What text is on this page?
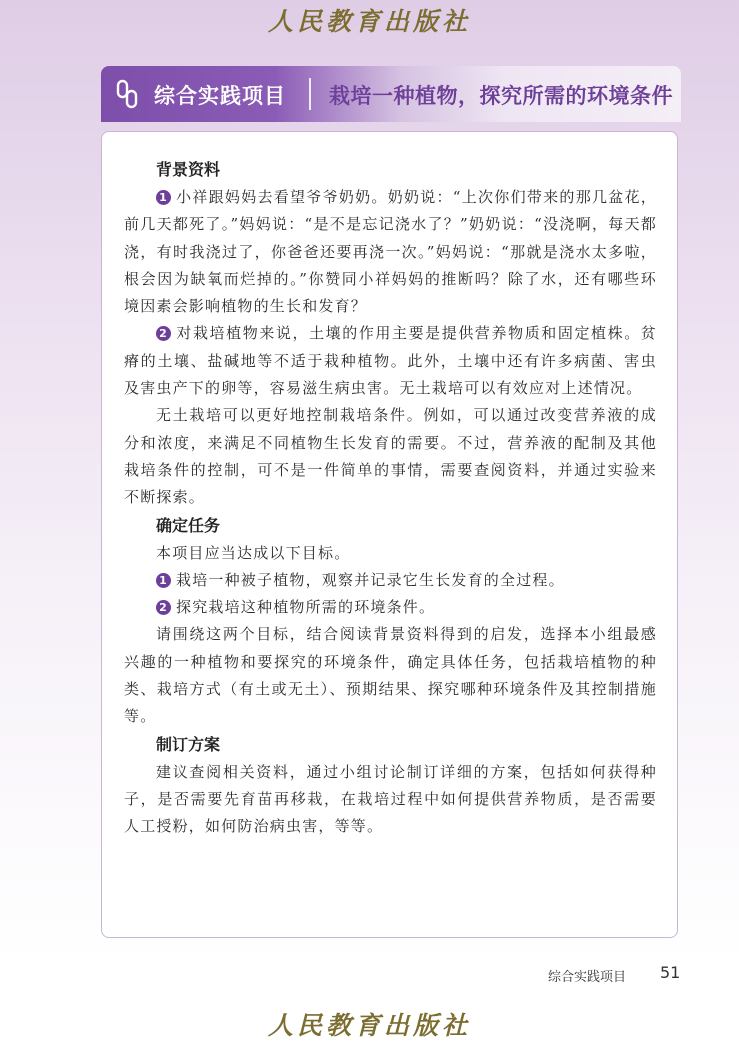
人民教育出版社
综合实践项目 栽培一种植物，探究所需的环境条件
背景资料

1 小祥跟妈妈去看望爷爷奶奶。奶奶说：“上次你们带来的那几盆花，前几天都死了。”妈妈说：“是不是忘记浇水了？”奶奶说：“没浇啊，每天都浇，有时我浇过了，你爸爸还要再浇一次。”妈妈说：“那就是浇水太多啦，根会因为缺氧而烂掉的。”你赞同小祥妈妈的推断吗？除了水，还有哪些环境因素会影响植物的生长和发育？

2 对栽培植物来说，土壤的作用主要是提供营养物质和固定植株。贫瘠的土壤、盐碱地等不适于栽种植物。此外，土壤中还有许多病菌、害虫及害虫产下的卵等，容易滋生病虫害。无土栽培可以有效应对上述情况。

无土栽培可以更好地控制栽培条件。例如，可以通过改变营养液的成分和浓度，来满足不同植物生长发育的需要。不过，营养液的配制及其他栽培条件的控制，可不是一件简单的事情，需要查阅资料，并通过实验来不断探索。

确定任务

本项目应当达成以下目标。

1 栽培一种被子植物，观察并记录它生长发育的全过程。

2 探究栽培这种植物所需的环境条件。

请围绕这两个目标，结合阅读背景资料得到的启发，选择本小组最感兴趣的一种植物和要探究的环境条件，确定具体任务，包括栽培植物的种类、栽培方式（有土或无土）、预期结果、探究哪种环境条件及其控制措施等。

制订方案

建议查阅相关资料，通过小组讨论制订详细的方案，包括如何获得种子，是否需要先育苗再移栽，在栽培过程中如何提供营养物质，是否需要人工授粉，如何防治病虫害，等等。

综合实践项目 51
人民教育出版社
